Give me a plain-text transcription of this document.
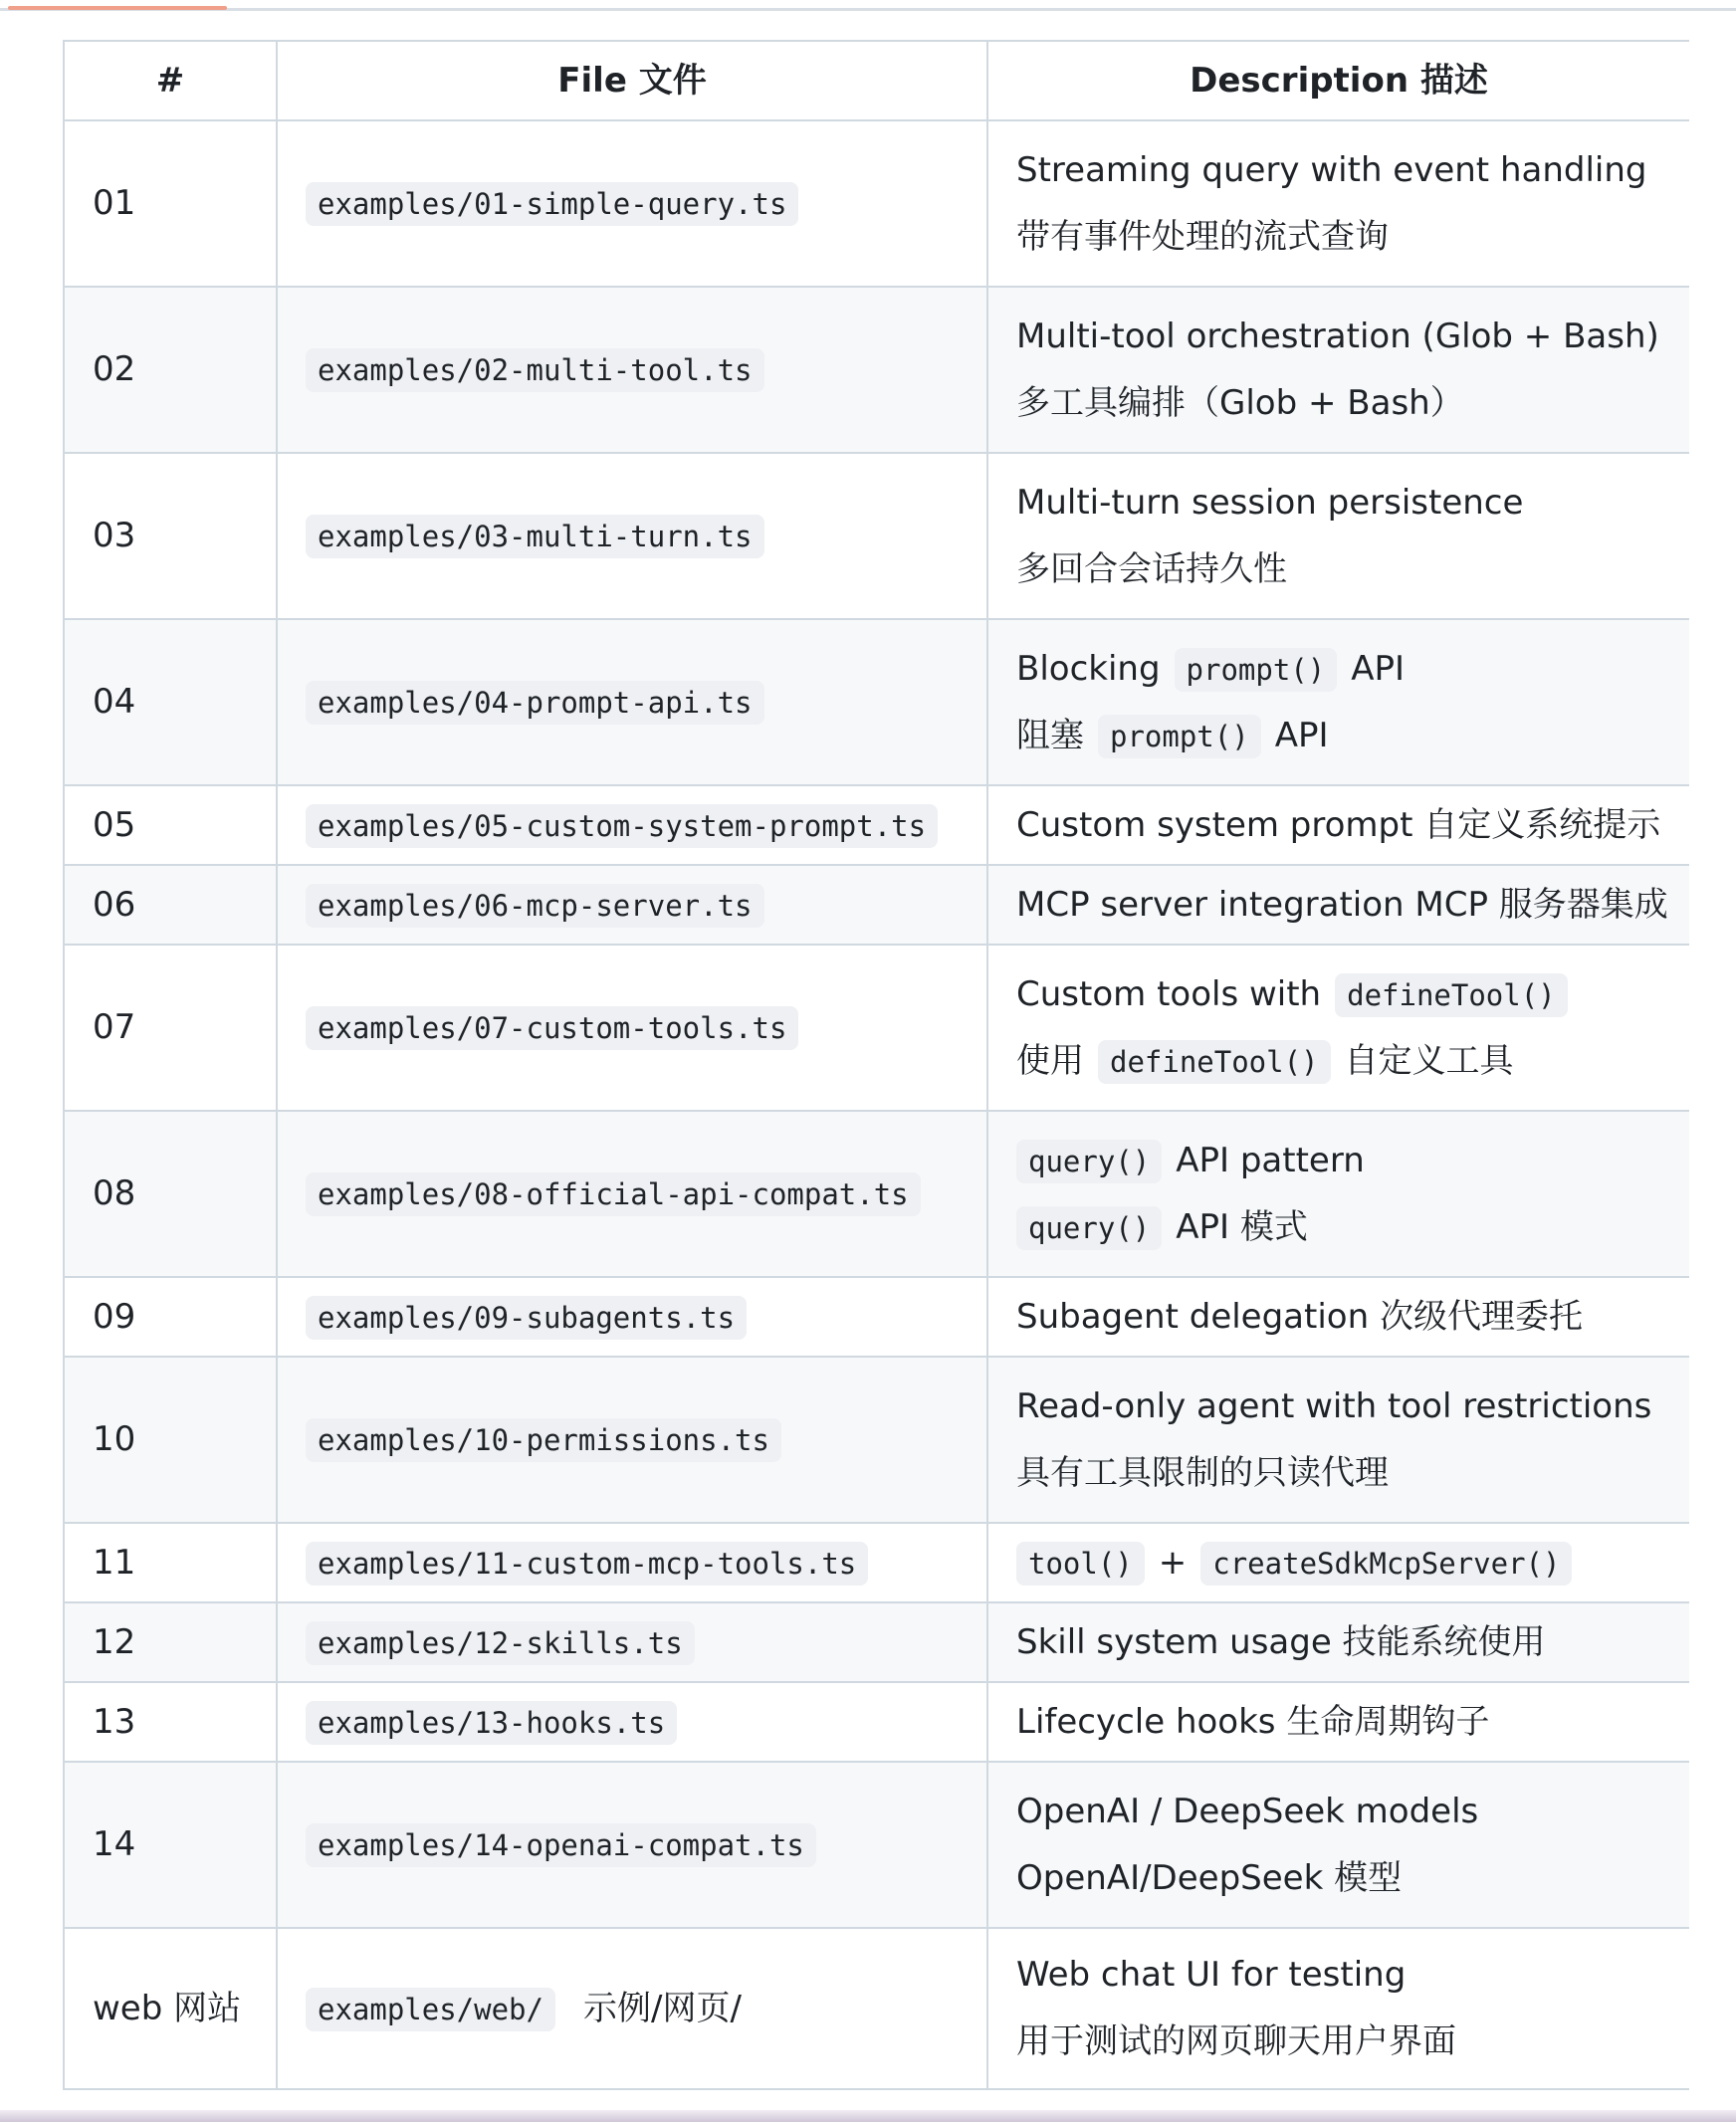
#	File 文件	Description 描述
01	examples/01-simple-query.ts	Streaming query with event handling
带有事件处理的流式查询

02	examples/02-multi-tool.ts	Multi-tool orchestration (Glob + Bash)
多工具编排（Glob + Bash）

03	examples/03-multi-turn.ts	Multi-turn session persistence
多回合会话持久性

04	examples/04-prompt-api.ts	Blocking prompt() API
阻塞 prompt() API

05	examples/05-custom-system-prompt.ts	Custom system prompt 自定义系统提示

06	examples/06-mcp-server.ts	MCP server integration MCP 服务器集成

07	examples/07-custom-tools.ts	Custom tools with defineTool()
使用 defineTool() 自定义工具

08	examples/08-official-api-compat.ts	query() API pattern
query() API 模式

09	examples/09-subagents.ts	Subagent delegation 次级代理委托

10	examples/10-permissions.ts	Read-only agent with tool restrictions
具有工具限制的只读代理

11	examples/11-custom-mcp-tools.ts	tool() + createSdkMcpServer()

12	examples/12-skills.ts	Skill system usage 技能系统使用

13	examples/13-hooks.ts	Lifecycle hooks 生命周期钩子

14	examples/14-openai-compat.ts	OpenAI / DeepSeek models
OpenAI/DeepSeek 模型

web 网站	examples/web/ 示例/网页/	Web chat UI for testing
用于测试的网页聊天用户界面
